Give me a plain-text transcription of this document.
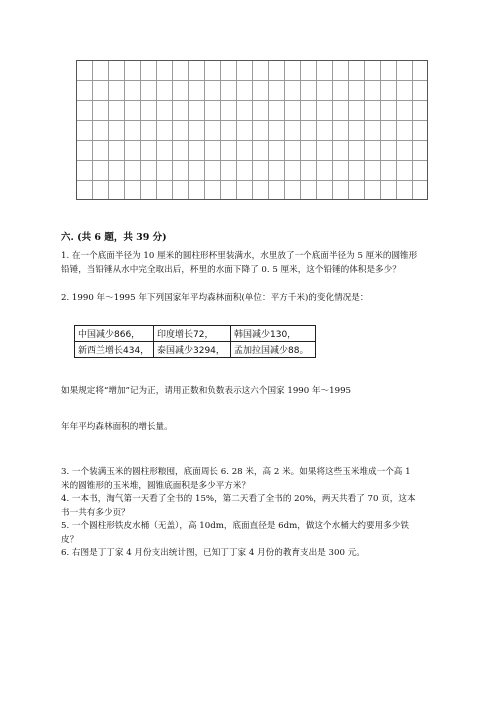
六. (共 6 题，共 39 分)

1. 在一个底面半径为 10 厘米的圆柱形杯里装满水，水里放了一个底面半径为 5 厘米的圆锥形铅锤，当铅锤从水中完全取出后，杯里的水面下降了 0. 5 厘米，这个铅锤的体积是多少？

2. 1990 年～1995 年下列国家年平均森林面积(单位：平方千米)的变化情况是：

中国减少866，	印度增长72，	韩国减少130，
新西兰增长434，	泰国减少3294，	孟加拉国减少88。

如果规定将“增加”记为正，请用正数和负数表示这六个国家 1990 年～1995

年年平均森林面积的增长量。

3. 一个装满玉米的圆柱形粮囤，底面周长 6. 28 米，高 2 米。如果将这些玉米堆成一个高 1 米的圆锥形的玉米堆，圆锥底面积是多少平方米？

4. 一本书，淘气第一天看了全书的 15%，第二天看了全书的 20%，两天共看了 70 页，这本书一共有多少页？

5. 一个圆柱形铁皮水桶（无盖），高 10dm，底面直径是 6dm，做这个水桶大约要用多少铁皮？

6. 右图是丁丁家 4 月份支出统计图，已知丁丁家 4 月份的教育支出是 300 元。
